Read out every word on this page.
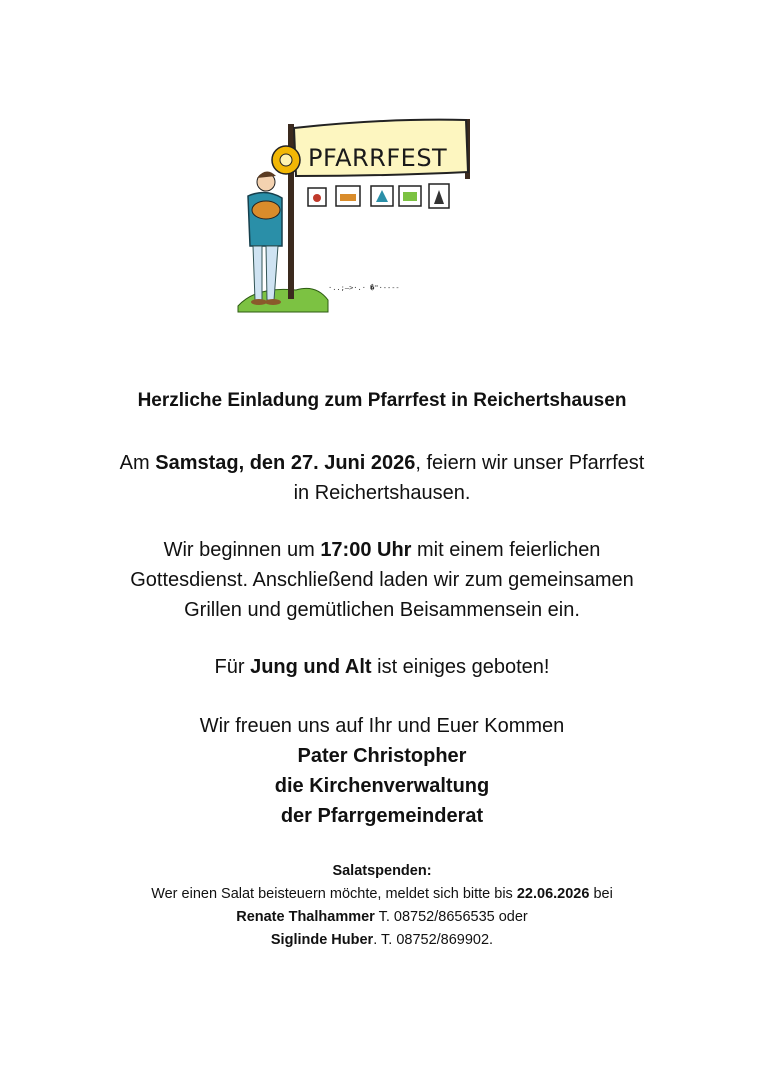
PFARRFEST
·..;—>·.· �"·----
Herzliche Einladung zum Pfarrfest in Reichertshausen
Am Samstag, den 27. Juni 2026, feiern wir unser Pfarrfest
in Reichertshausen.
Wir beginnen um 17:00 Uhr mit einem feierlichen
Gottesdienst. Anschließend laden wir zum gemeinsamen
Grillen und gemütlichen Beisammensein ein.
Für Jung und Alt ist einiges geboten!
Wir freuen uns auf Ihr und Euer Kommen
Pater Christopher
die Kirchenverwaltung
der Pfarrgemeinderat
Salatspenden:
Wer einen Salat beisteuern möchte, meldet sich bitte bis 22.06.2026 bei
Renate Thalhammer T. 08752/8656535 oder
Siglinde Huber. T. 08752/869902.
